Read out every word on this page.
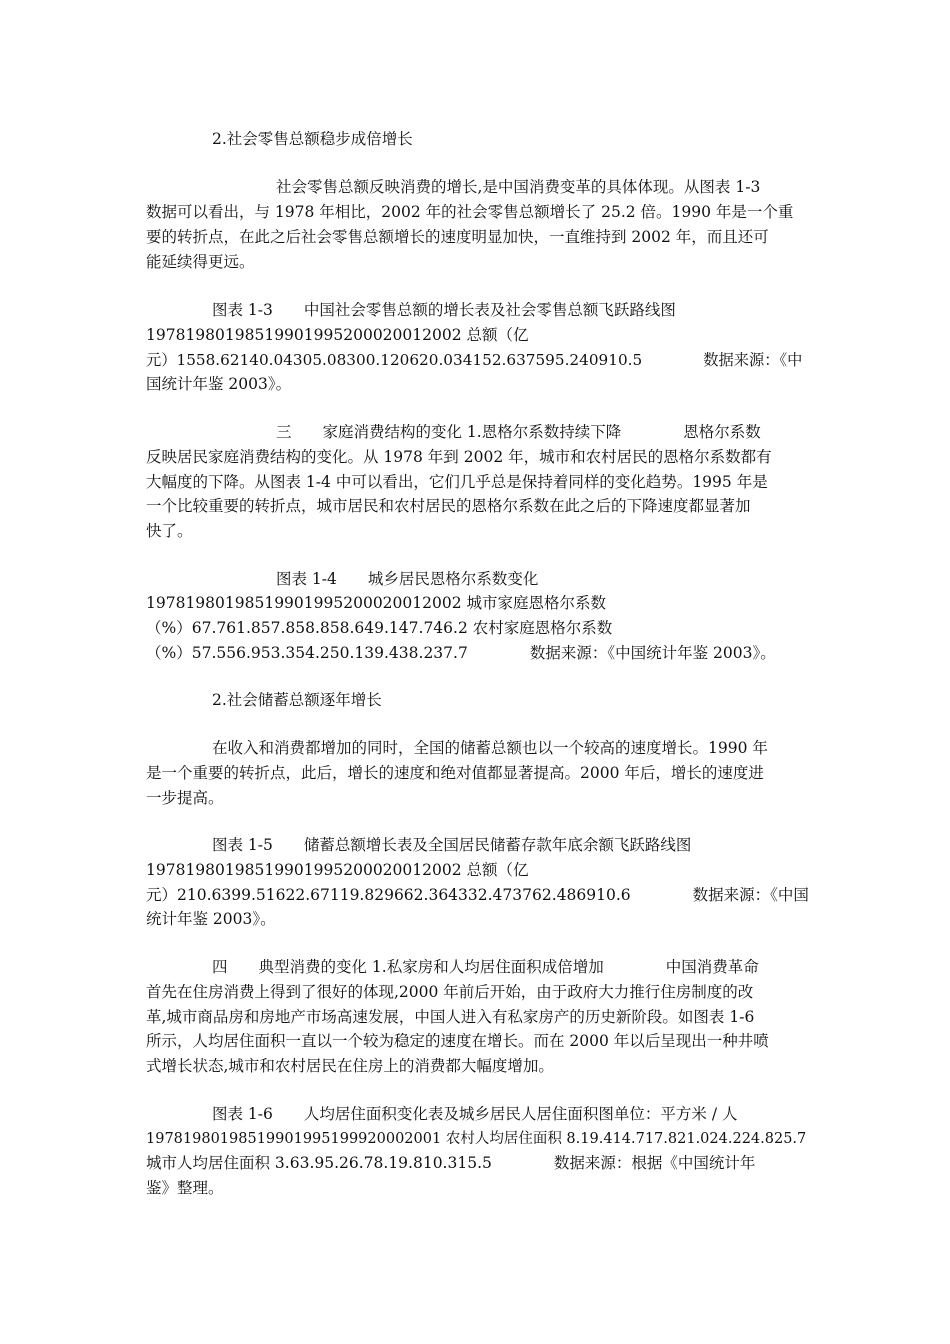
2.社会零售总额稳步成倍增长
社会零售总额反映消费的增长,是中国消费变革的具体体现。从图表 1-3
数据可以看出，与 1978 年相比，2002 年的社会零售总额增长了 25.2 倍。1990 年是一个重
要的转折点，在此之后社会零售总额增长的速度明显加快，一直维持到 2002 年，而且还可
能延续得更远。
图表 1-3　　中国社会零售总额的增长表及社会零售总额飞跃路线图
19781980198519901995200020012002 总额（亿
元）1558.62140.04305.08300.120620.034152.637595.240910.5　　　　数据来源：《中
国统计年鉴 2003》。
三　　家庭消费结构的变化 1.恩格尔系数持续下降　　　　恩格尔系数
反映居民家庭消费结构的变化。从 1978 年到 2002 年，城市和农村居民的恩格尔系数都有
大幅度的下降。从图表 1-4 中可以看出，它们几乎总是保持着同样的变化趋势。1995 年是
一个比较重要的转折点，城市居民和农村居民的恩格尔系数在此之后的下降速度都显著加
快了。
图表 1-4　　城乡居民恩格尔系数变化
19781980198519901995200020012002 城市家庭恩格尔系数
（%）67.761.857.858.858.649.147.746.2 农村家庭恩格尔系数
（%）57.556.953.354.250.139.438.237.7　　　　数据来源：《中国统计年鉴 2003》。
2.社会储蓄总额逐年增长
在收入和消费都增加的同时，全国的储蓄总额也以一个较高的速度增长。1990 年
是一个重要的转折点，此后，增长的速度和绝对值都显著提高。2000 年后，增长的速度进
一步提高。
图表 1-5　　储蓄总额增长表及全国居民储蓄存款年底余额飞跃路线图
19781980198519901995200020012002 总额（亿
元）210.6399.51622.67119.829662.364332.473762.486910.6　　　　数据来源：《中国
统计年鉴 2003》。
四　　典型消费的变化 1.私家房和人均居住面积成倍增加　　　　中国消费革命
首先在住房消费上得到了很好的体现,2000 年前后开始，由于政府大力推行住房制度的改
革,城市商品房和房地产市场高速发展，中国人进入有私家房产的历史新阶段。如图表 1-6
所示，人均居住面积一直以一个较为稳定的速度在增长。而在 2000 年以后呈现出一种井喷
式增长状态,城市和农村居民在住房上的消费都大幅度增加。
图表 1-6　　人均居住面积变化表及城乡居民人居住面积图单位：平方米 / 人
19781980198519901995199920002001 农村人均居住面积 8.19.414.717.821.024.224.825.7
城市人均居住面积 3.63.95.26.78.19.810.315.5　　　　数据来源：根据《中国统计年
鉴》整理。
